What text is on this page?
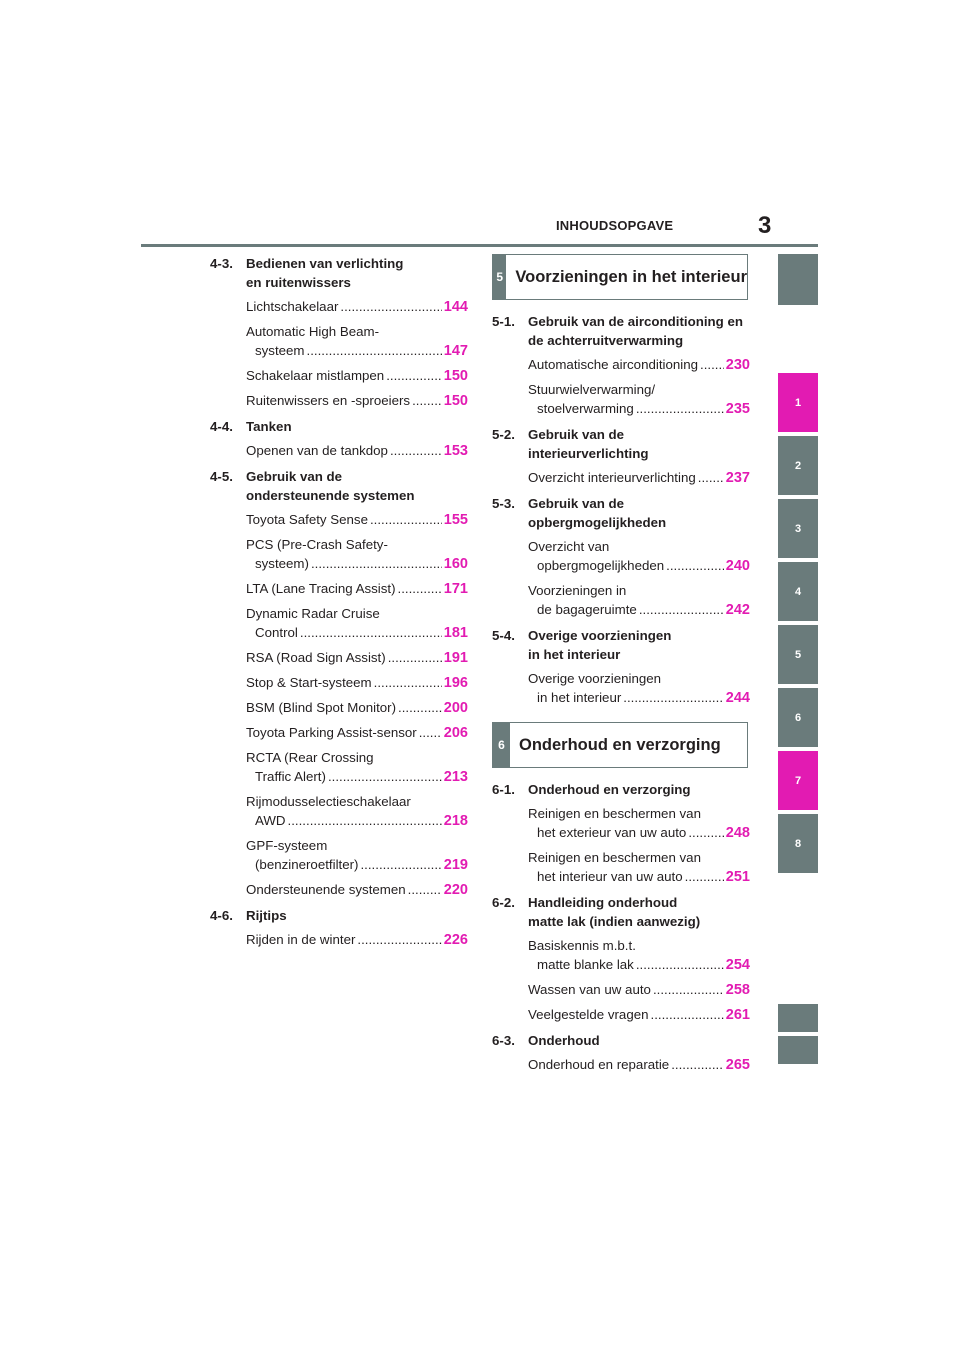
INHOUDSOPGAVE	3
4-3. Bedienen van verlichting
en ruitenwissers
Lichtschakelaar .....	144
Automatic High Beam-
systeem .....	147
Schakelaar mistlampen .....	150
Ruitenwissers en -sproeiers ..... 150
4-4. Tanken
Openen van de tankdop .....	153
4-5. Gebruik van de
ondersteunende systemen
Toyota Safety Sense .....	155
PCS (Pre-Crash Safety-
systeem) .....	160
LTA (Lane Tracing Assist) .....	171
Dynamic Radar Cruise
Control .....	181
RSA (Road Sign Assist) .....	191
Stop & Start-systeem .....	196
BSM (Blind Spot Monitor) .....	200
Toyota Parking Assist-sensor ..... 206
RCTA (Rear Crossing
Traffic Alert) .....	213
Rijmodusselectieschakelaar
AWD .....	218
GPF-systeem
(benzineroetfilter) .....	219
Ondersteunende systemen .....	220
4-6. Rijtips
Rijden in de winter .....	226
5 Voorzieningen in het interieur
5-1. Gebruik van de airconditioning en
de achterruitverwarming
Automatische airconditioning ..... 230
Stuurwielverwarming/
stoelverwarming .....	235
5-2. Gebruik van de
interieurverlichting
Overzicht interieurverlichting ..... 237
5-3. Gebruik van de
opbergmogelijkheden
Overzicht van
opbergmogelijkheden .....	240
Voorzieningen in
de bagageruimte .....	242
5-4. Overige voorzieningen
in het interieur
Overige voorzieningen
in het interieur .....	244
6 Onderhoud en verzorging
6-1. Onderhoud en verzorging
Reinigen en beschermen van
het exterieur van uw auto .....	248
Reinigen en beschermen van
het interieur van uw auto .....	251
6-2. Handleiding onderhoud
matte lak (indien aanwezig)
Basiskennis m.b.t.
matte blanke lak .....	254
Wassen van uw auto .....	258
Veelgestelde vragen .....	261
6-3. Onderhoud
Onderhoud en reparatie .....	265
1
2
3
4
5
6
7
8
